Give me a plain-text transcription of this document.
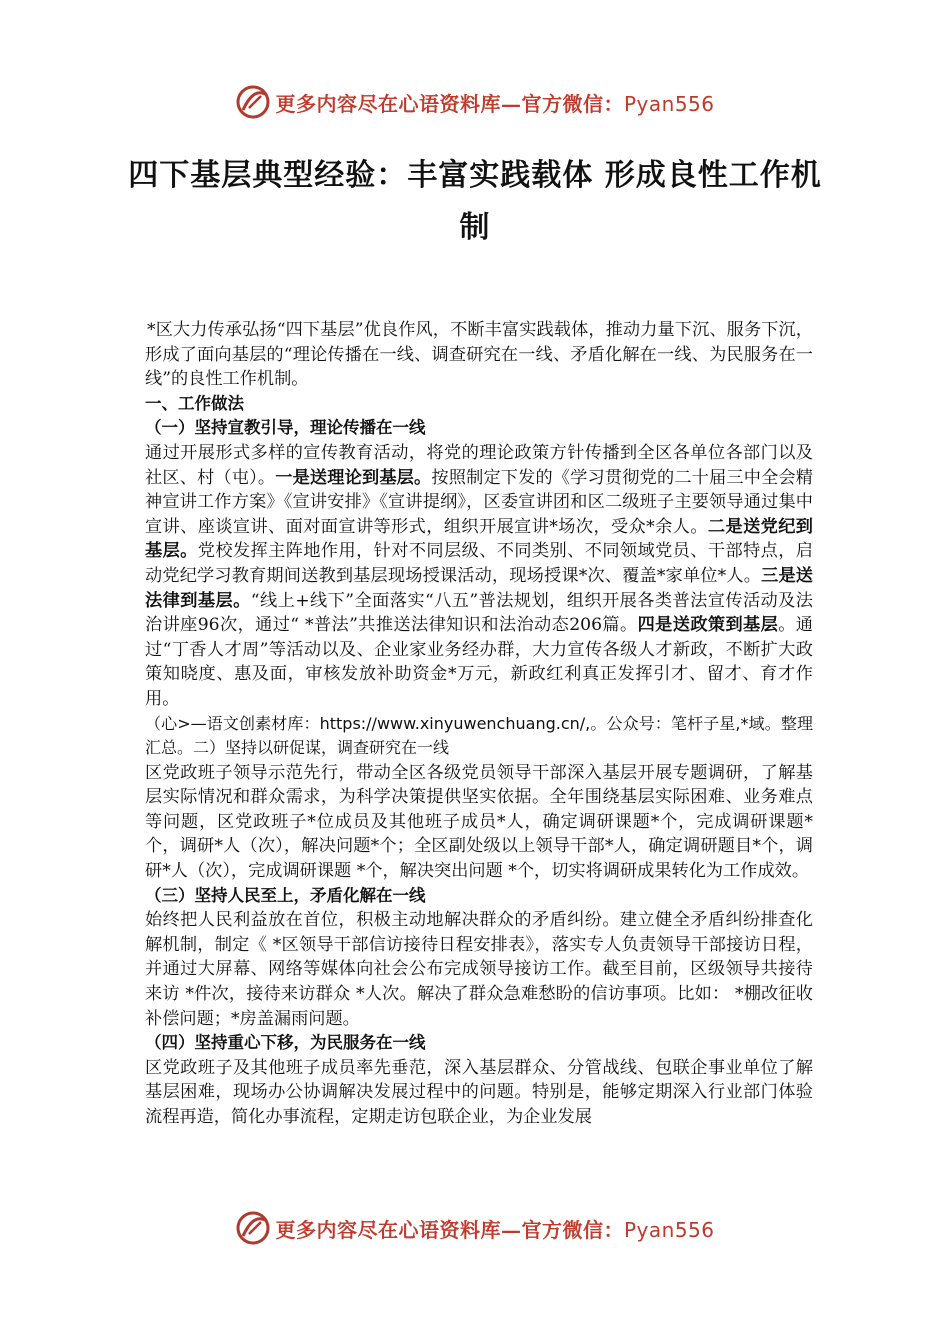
更多内容尽在心语资料库—官方微信：Pyan556
四下基层典型经验：丰富实践载体 形成良性工作机制

*区大力传承弘扬“四下基层”优良作风，不断丰富实践载体，推动力量下沉、服务下沉，形成了面向基层的“理论传播在一线、调查研究在一线、矛盾化解在一线、为民服务在一线”的良性工作机制。

一、工作做法

（一）坚持宣教引导，理论传播在一线

通过开展形式多样的宣传教育活动，将党的理论政策方针传播到全区各单位各部门以及社区、村（屯）。一是送理论到基层。按照制定下发的《学习贯彻党的二十届三中全会精神宣讲工作方案》《宣讲安排》《宣讲提纲》，区委宣讲团和区二级班子主要领导通过集中宣讲、座谈宣讲、面对面宣讲等形式，组织开展宣讲*场次，受众*余人。二是送党纪到基层。党校发挥主阵地作用，针对不同层级、不同类别、不同领域党员、干部特点，启动党纪学习教育期间送教到基层现场授课活动，现场授课*次、覆盖*家单位*人。三是送法律到基层。“线上+线下”全面落实“八五”普法规划，组织开展各类普法宣传活动及法治讲座96次，通过“ *普法”共推送法律知识和法治动态206篇。四是送政策到基层。通过“丁香人才周”等活动以及、企业家业务经办群，大力宣传各级人才新政，不断扩大政策知晓度、惠及面，审核发放补助资金*万元，新政红利真正发挥引才、留才、育才作用。

（心>—语文创素材库：https://www.xinyuwenchuang.cn/,。公众号：笔杆子星,*域。整理汇总。二）坚持以研促谋，调查研究在一线

区党政班子领导示范先行，带动全区各级党员领导干部深入基层开展专题调研，了解基层实际情况和群众需求，为科学决策提供坚实依据。全年围绕基层实际困难、业务难点等问题，区党政班子*位成员及其他班子成员*人，确定调研课题*个，完成调研课题*个，调研*人（次），解决问题*个；全区副处级以上领导干部*人，确定调研题目*个，调研*人（次），完成调研课题 *个，解决突出问题 *个，切实将调研成果转化为工作成效。

（三）坚持人民至上，矛盾化解在一线

始终把人民利益放在首位，积极主动地解决群众的矛盾纠纷。建立健全矛盾纠纷排查化解机制，制定《 *区领导干部信访接待日程安排表》，落实专人负责领导干部接访日程，并通过大屏幕、网络等媒体向社会公布完成领导接访工作。截至目前，区级领导共接待来访 *件次，接待来访群众 *人次。解决了群众急难愁盼的信访事项。比如： *棚改征收补偿问题；*房盖漏雨问题。

（四）坚持重心下移，为民服务在一线

区党政班子及其他班子成员率先垂范，深入基层群众、分管战线、包联企事业单位了解基层困难，现场办公协调解决发展过程中的问题。特别是，能够定期深入行业部门体验流程再造，简化办事流程，定期走访包联企业，为企业发展

更多内容尽在心语资料库—官方微信：Pyan556
